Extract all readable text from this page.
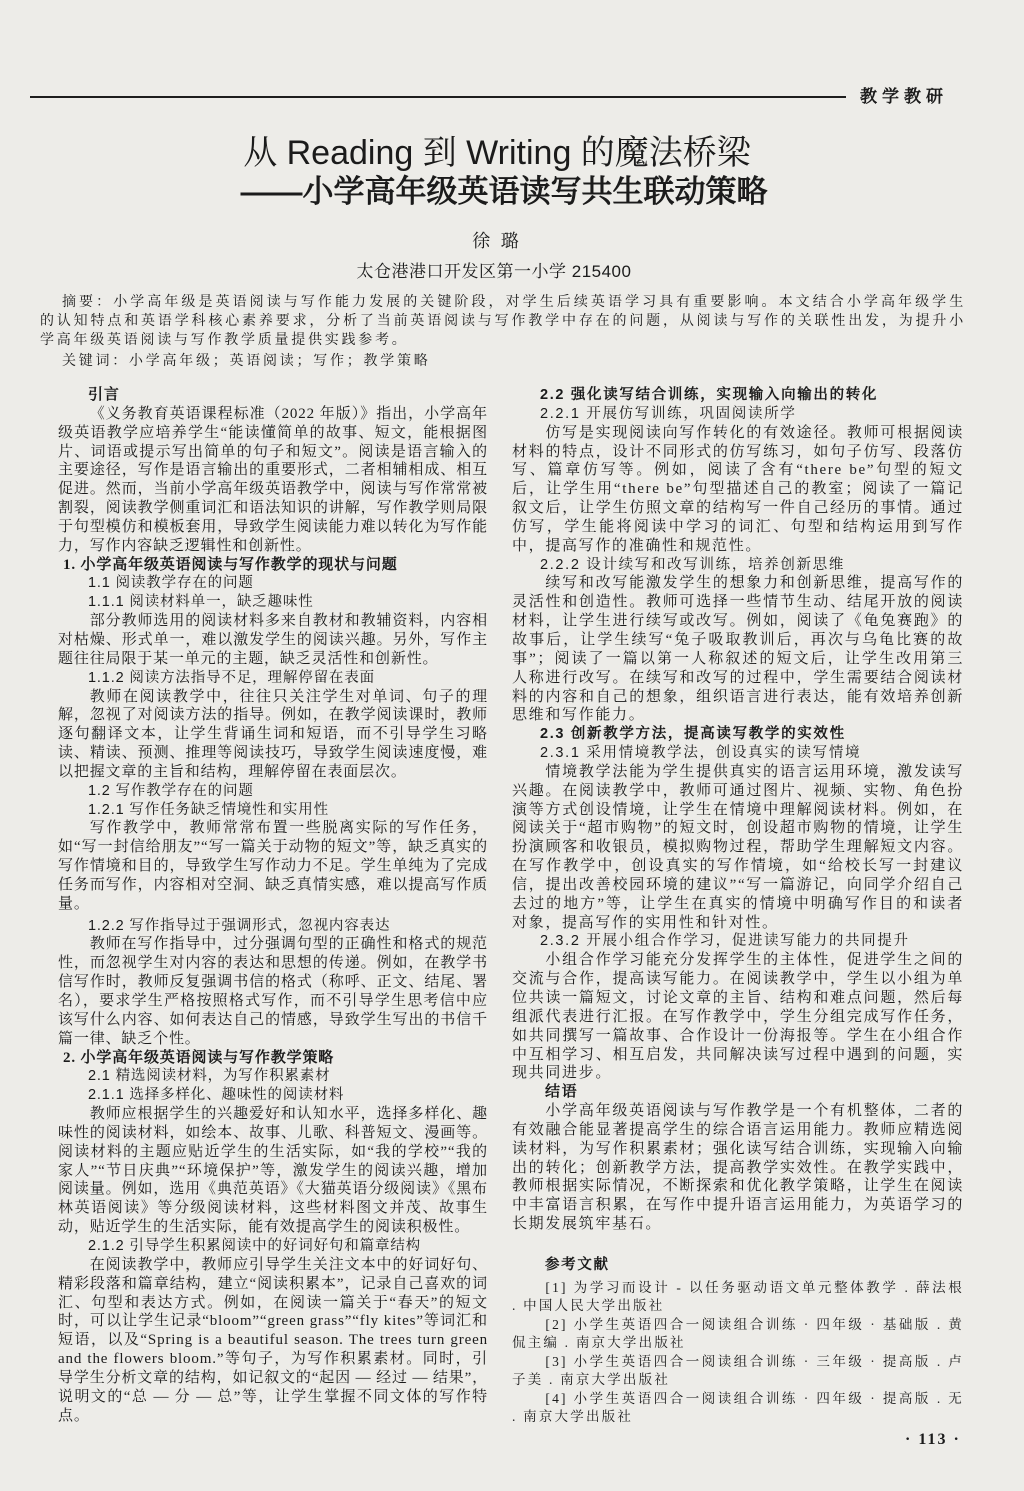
教学教研
从 Reading 到 Writing 的魔法桥梁
——小学高年级英语读写共生联动策略
徐 璐
太仓港港口开发区第一小学 215400
摘要：小学高年级是英语阅读与写作能力发展的关键阶段，对学生后续英语学习具有重要影响。本文结合小学高年级学生的认知特点和英语学科核心素养要求，分析了当前英语阅读与写作教学中存在的问题，从阅读与写作的关联性出发，为提升小学高年级英语阅读与写作教学质量提供实践参考。
关键词：小学高年级；英语阅读；写作；教学策略
引言

《义务教育英语课程标准（2022 年版）》指出，小学高年级英语教学应培养学生“能读懂简单的故事、短文，能根据图片、词语或提示写出简单的句子和短文”。阅读是语言输入的主要途径，写作是语言输出的重要形式，二者相辅相成、相互促进。然而，当前小学高年级英语教学中，阅读与写作常常被割裂，阅读教学侧重词汇和语法知识的讲解，写作教学则局限于句型模仿和模板套用，导致学生阅读能力难以转化为写作能力，写作内容缺乏逻辑性和创新性。

1. 小学高年级英语阅读与写作教学的现状与问题
1.1 阅读教学存在的问题
1.1.1 阅读材料单一，缺乏趣味性

部分教师选用的阅读材料多来自教材和教辅资料，内容相对枯燥、形式单一，难以激发学生的阅读兴趣。另外，写作主题往往局限于某一单元的主题，缺乏灵活性和创新性。

1.1.2 阅读方法指导不足，理解停留在表面

教师在阅读教学中，往往只关注学生对单词、句子的理解，忽视了对阅读方法的指导。例如，在教学阅读课时，教师逐句翻译文本，让学生背诵生词和短语，而不引导学生习略读、精读、预测、推理等阅读技巧，导致学生阅读速度慢，难以把握文章的主旨和结构，理解停留在表面层次。

1.2 写作教学存在的问题
1.2.1 写作任务缺乏情境性和实用性

写作教学中，教师常常布置一些脱离实际的写作任务，如“写一封信给朋友”“写一篇关于动物的短文”等，缺乏真实的写作情境和目的，导致学生写作动力不足。学生单纯为了完成任务而写作，内容相对空洞、缺乏真情实感，难以提高写作质量。

1.2.2 写作指导过于强调形式，忽视内容表达

教师在写作指导中，过分强调句型的正确性和格式的规范性，而忽视学生对内容的表达和思想的传递。例如，在教学书信写作时，教师反复强调书信的格式（称呼、正文、结尾、署名），要求学生严格按照格式写作，而不引导学生思考信中应该写什么内容、如何表达自己的情感，导致学生写出的书信千篇一律、缺乏个性。

2. 小学高年级英语阅读与写作教学策略
2.1 精选阅读材料，为写作积累素材
2.1.1 选择多样化、趣味性的阅读材料

教师应根据学生的兴趣爱好和认知水平，选择多样化、趣味性的阅读材料，如绘本、故事、儿歌、科普短文、漫画等。阅读材料的主题应贴近学生的生活实际，如“我的学校”“我的家人”“节日庆典”“环境保护”等，激发学生的阅读兴趣，增加阅读量。例如，选用《典范英语》《大猫英语分级阅读》《黑布林英语阅读》等分级阅读材料，这些材料图文并茂、故事生动，贴近学生的生活实际，能有效提高学生的阅读积极性。

2.1.2 引导学生积累阅读中的好词好句和篇章结构

在阅读教学中，教师应引导学生关注文本中的好词好句、精彩段落和篇章结构，建立“阅读积累本”，记录自己喜欢的词汇、句型和表达方式。例如，在阅读一篇关于“春天”的短文时，可以让学生记录“bloom”“green grass”“fly kites”等词汇和短语，以及“Spring is a beautiful season. The trees turn green and the flowers bloom.”等句子，为写作积累素材。同时，引导学生分析文章的结构，如记叙文的“起因 — 经过 — 结果”，说明文的“总 — 分 — 总”等，让学生掌握不同文体的写作特点。

2.2 强化读写结合训练，实现输入向输出的转化
2.2.1 开展仿写训练，巩固阅读所学

仿写是实现阅读向写作转化的有效途径。教师可根据阅读材料的特点，设计不同形式的仿写练习，如句子仿写、段落仿写、篇章仿写等。例如，阅读了含有“there be”句型的短文后，让学生用“there be”句型描述自己的教室；阅读了一篇记叙文后，让学生仿照文章的结构写一件自己经历的事情。通过仿写，学生能将阅读中学习的词汇、句型和结构运用到写作中，提高写作的准确性和规范性。

2.2.2 设计续写和改写训练，培养创新思维

续写和改写能激发学生的想象力和创新思维，提高写作的灵活性和创造性。教师可选择一些情节生动、结尾开放的阅读材料，让学生进行续写或改写。例如，阅读了《龟兔赛跑》的故事后，让学生续写“兔子吸取教训后，再次与乌龟比赛的故事”；阅读了一篇以第一人称叙述的短文后，让学生改用第三人称进行改写。在续写和改写的过程中，学生需要结合阅读材料的内容和自己的想象，组织语言进行表达，能有效培养创新思维和写作能力。

2.3 创新教学方法，提高读写教学的实效性
2.3.1 采用情境教学法，创设真实的读写情境

情境教学法能为学生提供真实的语言运用环境，激发读写兴趣。在阅读教学中，教师可通过图片、视频、实物、角色扮演等方式创设情境，让学生在情境中理解阅读材料。例如，在阅读关于“超市购物”的短文时，创设超市购物的情境，让学生扮演顾客和收银员，模拟购物过程，帮助学生理解短文内容。在写作教学中，创设真实的写作情境，如“给校长写一封建议信，提出改善校园环境的建议”“写一篇游记，向同学介绍自己去过的地方”等，让学生在真实的情境中明确写作目的和读者对象，提高写作的实用性和针对性。

2.3.2 开展小组合作学习，促进读写能力的共同提升

小组合作学习能充分发挥学生的主体性，促进学生之间的交流与合作，提高读写能力。在阅读教学中，学生以小组为单位共读一篇短文，讨论文章的主旨、结构和难点问题，然后每组派代表进行汇报。在写作教学中，学生分组完成写作任务，如共同撰写一篇故事、合作设计一份海报等。学生在小组合作中互相学习、相互启发，共同解决读写过程中遇到的问题，实现共同进步。

结语

小学高年级英语阅读与写作教学是一个有机整体，二者的有效融合能显著提高学生的综合语言运用能力。教师应精选阅读材料，为写作积累素材；强化读写结合训练，实现输入向输出的转化；创新教学方法，提高教学实效性。在教学实践中，教师根据实际情况，不断探索和优化教学策略，让学生在阅读中丰富语言积累，在写作中提升语言运用能力，为英语学习的长期发展筑牢基石。

参考文献

[1] 为学习而设计 - 以任务驱动语文单元整体教学 . 薛法根 . 中国人民大学出版社

[2] 小学生英语四合一阅读组合训练 · 四年级 · 基础版 . 黄侃主编 . 南京大学出版社

[3] 小学生英语四合一阅读组合训练 · 三年级 · 提高版 . 卢子美 . 南京大学出版社

[4] 小学生英语四合一阅读组合训练 · 四年级 · 提高版 . 无 . 南京大学出版社

· 113 ·
